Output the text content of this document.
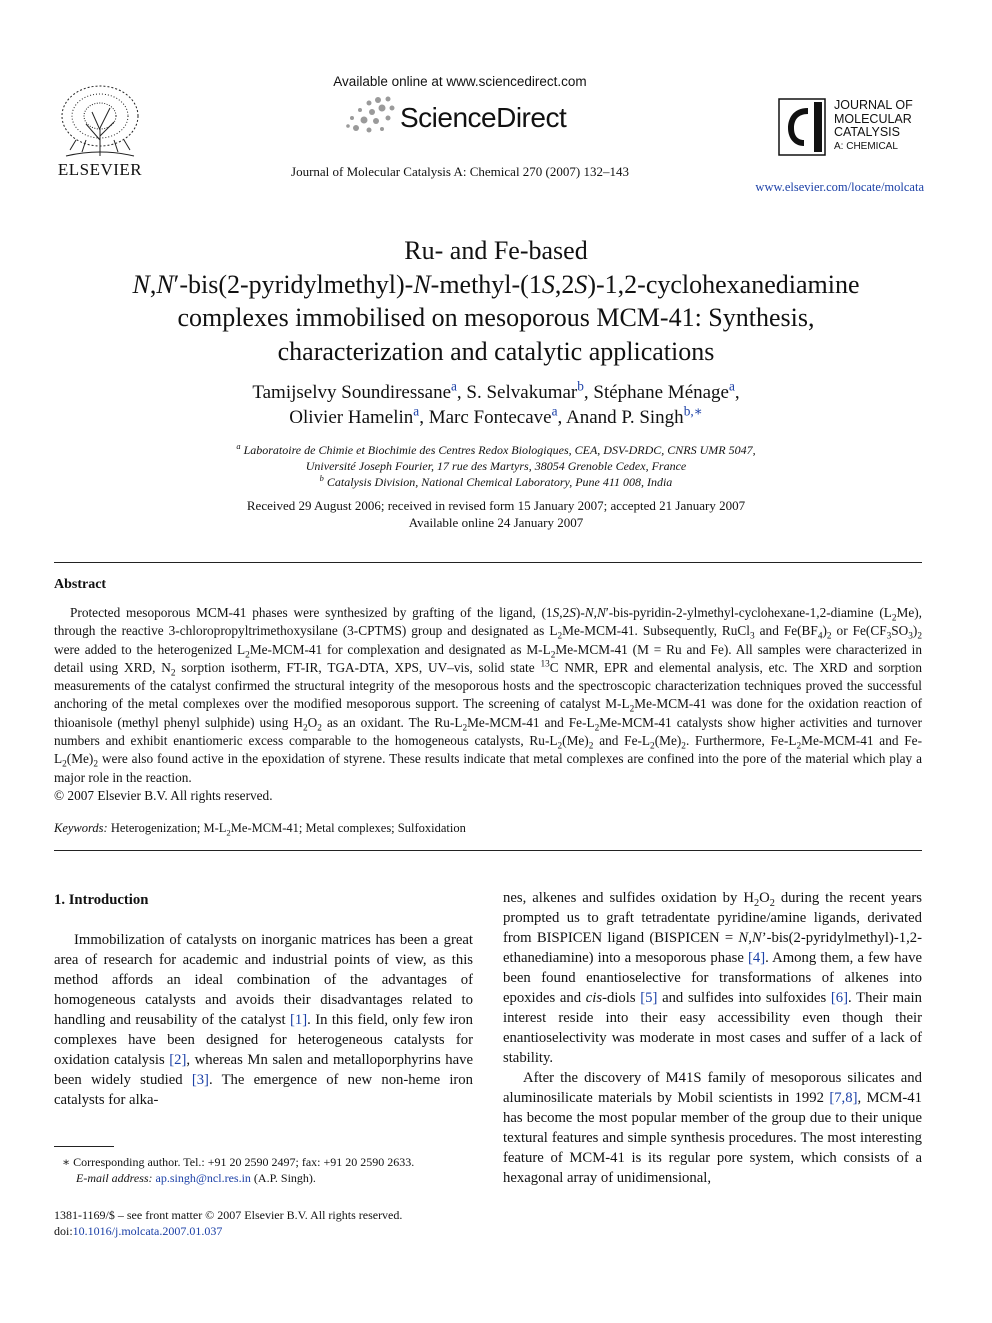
ELSEVIER
Available online at www.sciencedirect.com
ScienceDirect
Journal of Molecular Catalysis A: Chemical 270 (2007) 132–143
JOURNAL OF
MOLECULAR
CATALYSIS
A: CHEMICAL
www.elsevier.com/locate/molcata
Ru- and Fe-based
N,N′-bis(2-pyridylmethyl)-N-methyl-(1S,2S)-1,2-cyclohexanediamine
complexes immobilised on mesoporous MCM-41: Synthesis,
characterization and catalytic applications
Tamijselvy Soundiressane$^a$, S. Selvakumar$^b$, Stéphane Ménage$^a$,
Olivier Hamelin$^a$, Marc Fontecave$^a$, Anand P. Singh$^{b,∗}$
$^a$ Laboratoire de Chimie et Biochimie des Centres Redox Biologiques, CEA, DSV-DRDC, CNRS UMR 5047,
Université Joseph Fourier, 17 rue des Martyrs, 38054 Grenoble Cedex, France
$^b$ Catalysis Division, National Chemical Laboratory, Pune 411 008, India
Received 29 August 2006; received in revised form 15 January 2007; accepted 21 January 2007
Available online 24 January 2007
Abstract
Protected mesoporous MCM-41 phases were synthesized by grafting of the ligand, (1S,2S)-N,N′-bis-pyridin-2-ylmethyl-cyclohexane-1,2-diamine $(L_2Me)$, through the reactive 3-chloropropyltrimethoxysilane (3-CPTMS) group and designated as $L_2Me-MCM-41$. Subsequently, RuCl$_3$ and $Fe(BF_4)_2$ or $Fe(CF_3SO_3)_2$ were added to the heterogenized $L_2Me-MCM-41$ for complexation and designated as $M-L_2Me-MCM-41$ (M = Ru and Fe). All samples were characterized in detail using XRD, $N_2$ sorption isotherm, FT-IR, TGA-DTA, XPS, UV–vis, solid state $^{13}$C NMR, EPR and elemental analysis, etc. The XRD and sorption measurements of the catalyst confirmed the structural integrity of the mesoporous hosts and the spectroscopic characterization techniques proved the successful anchoring of the metal complexes over the modified mesoporous support. The screening of catalyst $M-L_2Me-MCM-41$ was done for the oxidation reaction of thioanisole (methyl phenyl sulphide) using $H_2O_2$ as an oxidant. The $Ru-L_2Me-MCM-41$ and $Fe-L_2Me-MCM-41$ catalysts show higher activities and turnover numbers and exhibit enantiomeric excess comparable to the homogeneous catalysts, $Ru-L_2(Me)_2$ and $Fe-L_2(Me)_2$. Furthermore, $Fe-L_2Me-MCM-41$ and $Fe-L_2(Me)_2$ were also found active in the epoxidation of styrene. These results indicate that metal complexes are confined into the pore of the material which play a major role in the reaction.
© 2007 Elsevier B.V. All rights reserved.
Keywords: Heterogenization; $M-L_2Me-MCM-41$; Metal complexes; Sulfoxidation
1. Introduction

Immobilization of catalysts on inorganic matrices has been a great area of research for academic and industrial points of view, as this method affords an ideal combination of the advantages of homogeneous catalysts and avoids their disadvantages related to handling and reusability of the catalyst [1]. In this field, only few iron complexes have been designed for heterogeneous catalysts for oxidation catalysis [2], whereas Mn salen and metalloporphyrins have been widely studied [3]. The emergence of new non-heme iron catalysts for alka-

∗ Corresponding author. Tel.: +91 20 2590 2497; fax: +91 20 2590 2633.
E-mail address: ap.singh@ncl.res.in (A.P. Singh).
1381-1169/$ – see front matter © 2007 Elsevier B.V. All rights reserved.
doi:10.1016/j.molcata.2007.01.037

nes, alkenes and sulfides oxidation by $H_2O_2$ during the recent years prompted us to graft tetradentate pyridine/amine ligands, derivated from BISPICEN ligand (BISPICEN = N,N’-bis(2-pyridylmethyl)-1,2-ethanediamine) into a mesoporous phase [4]. Among them, a few have been found enantioselective for transformations of alkenes into epoxides and cis-diols [5] and sulfides into sulfoxides [6]. Their main interest reside into their easy accessibility even though their enantioselectivity was moderate in most cases and suffer of a lack of stability.

After the discovery of M41S family of mesoporous silicates and aluminosilicate materials by Mobil scientists in 1992 [7,8], MCM-41 has become the most popular member of the group due to their unique textural features and simple synthesis procedures. The most interesting feature of MCM-41 is its regular pore system, which consists of a hexagonal array of unidimensional,
